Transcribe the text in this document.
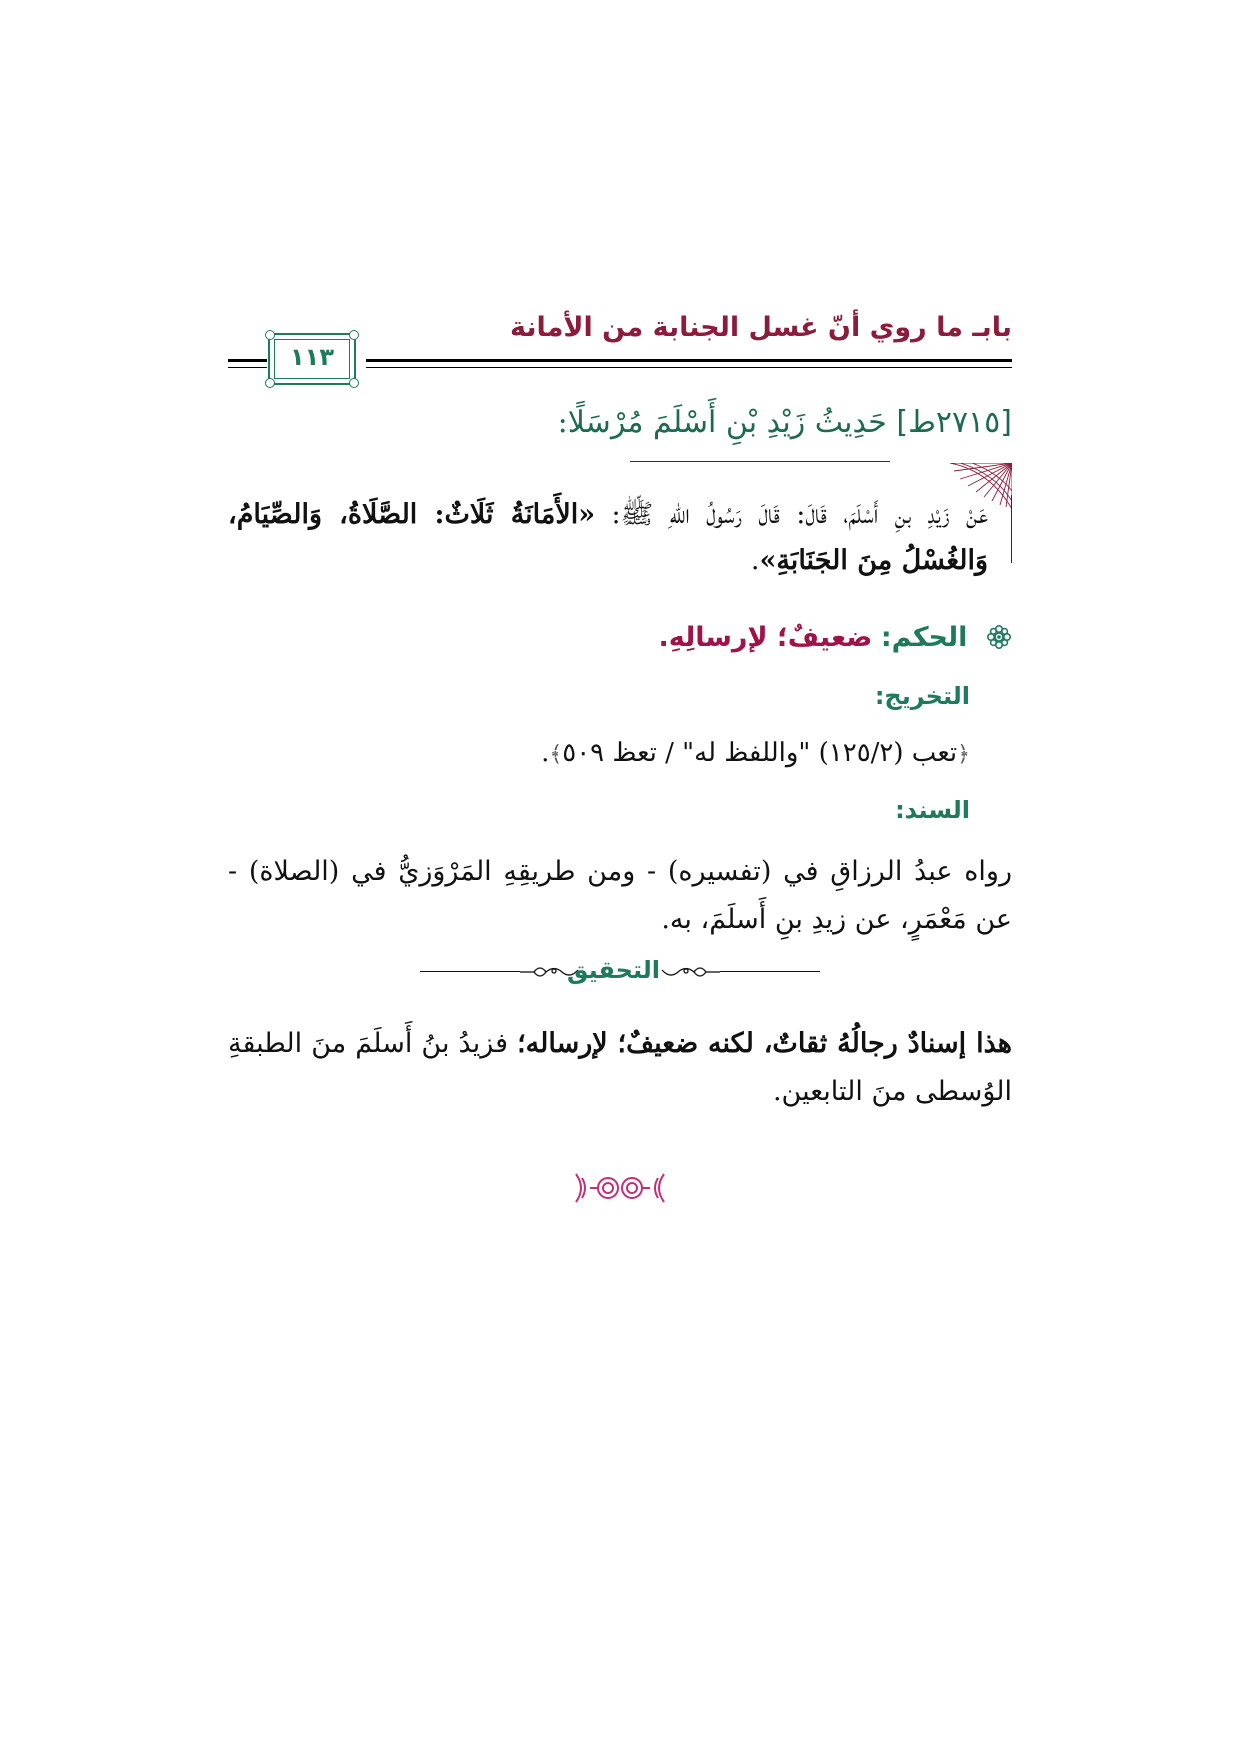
بابـ ما روي أنّ غسل الجنابة من الأمانة
١١٣
[٢٧١٥ط] حَدِيثُ زَيْدِ بْنِ أَسْلَمَ مُرْسَلًا:
عَنْ زَيْدِ بنِ أَسْلَمَ، قَالَ: قَالَ رَسُولُ اللهِ ﷺ: «الأَمَانَةُ ثَلَاثٌ: الصَّلَاةُ، وَالصِّيَامُ، وَالغُسْلُ مِنَ الجَنَابَةِ».
الحكم: ضعيفٌ؛ لإرسالِهِ.
التخريج:
﴿تعب (١٢٥/٢) "واللفظ له" / تعظ ٥٠٩﴾.
السند:
رواه عبدُ الرزاقِ في (تفسيره) - ومن طريقِهِ المَرْوَزيُّ في (الصلاة) - عن مَعْمَرٍ، عن زيدِ بنِ أَسلَمَ، به.
التحقيق
هذا إسنادٌ رجالُهُ ثقاتٌ، لكنه ضعيفٌ؛ لإرساله؛ فزيدُ بنُ أَسلَمَ منَ الطبقةِ الوُسطى منَ التابعين.
